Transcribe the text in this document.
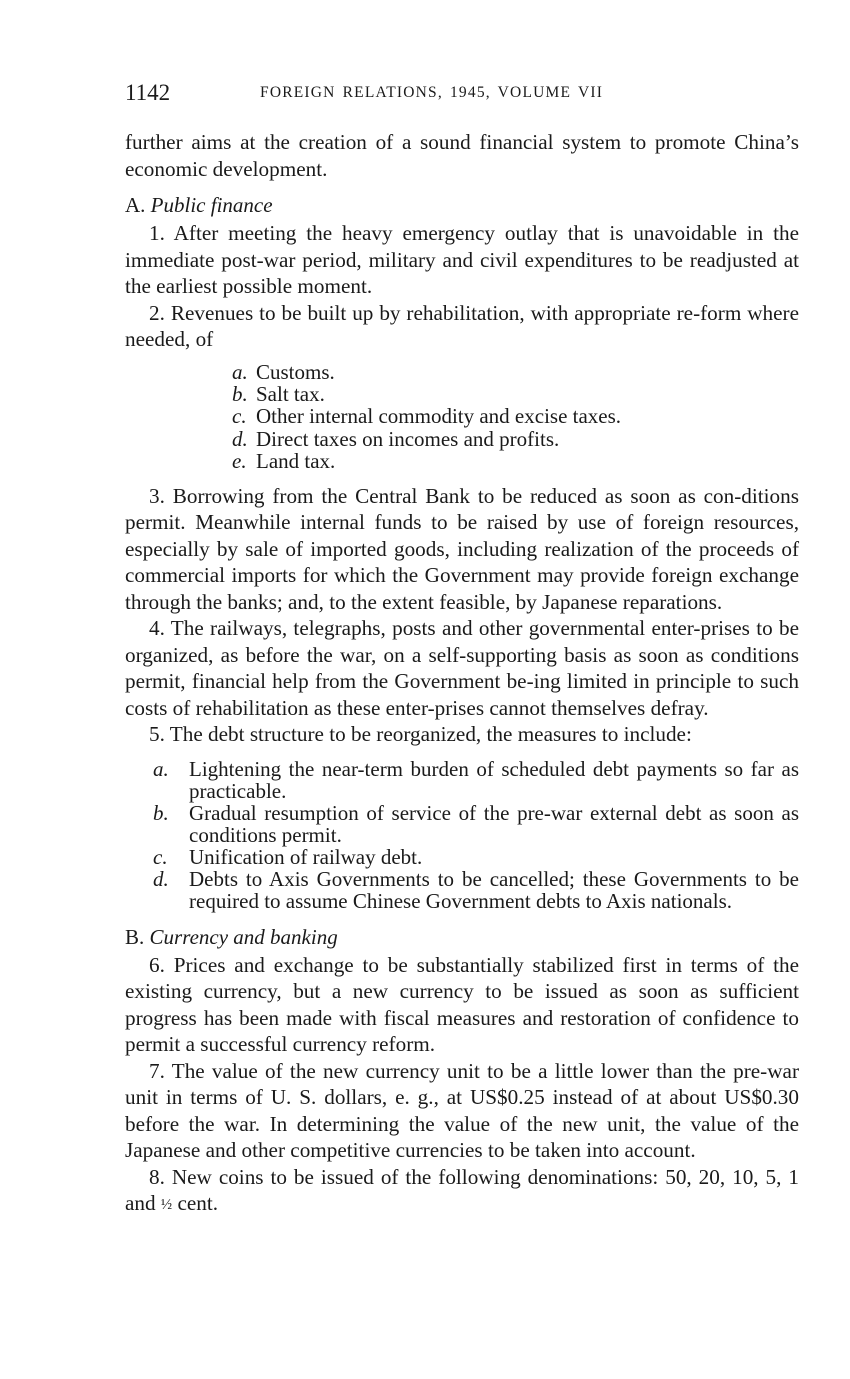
1142	FOREIGN RELATIONS, 1945, VOLUME VII

further aims at the creation of a sound financial system to promote China’s economic development.

A. Public finance

1. After meeting the heavy emergency outlay that is unavoidable in the immediate post-war period, military and civil expenditures to be readjusted at the earliest possible moment.

2. Revenues to be built up by rehabilitation, with appropriate re-form where needed, of

a. Customs.
b. Salt tax.
c. Other internal commodity and excise taxes.
d. Direct taxes on incomes and profits.
e. Land tax.

3. Borrowing from the Central Bank to be reduced as soon as con-ditions permit. Meanwhile internal funds to be raised by use of foreign resources, especially by sale of imported goods, including realization of the proceeds of commercial imports for which the Government may provide foreign exchange through the banks; and, to the extent feasible, by Japanese reparations.

4. The railways, telegraphs, posts and other governmental enter-prises to be organized, as before the war, on a self-supporting basis as soon as conditions permit, financial help from the Government be-ing limited in principle to such costs of rehabilitation as these enter-prises cannot themselves defray.

5. The debt structure to be reorganized, the measures to include:

a. Lightening the near-term burden of scheduled debt payments so far as practicable.
b. Gradual resumption of service of the pre-war external debt as soon as conditions permit.
c. Unification of railway debt.
d. Debts to Axis Governments to be cancelled; these Governments to be required to assume Chinese Government debts to Axis nationals.
B. Currency and banking

6. Prices and exchange to be substantially stabilized first in terms of the existing currency, but a new currency to be issued as soon as sufficient progress has been made with fiscal measures and restoration of confidence to permit a successful currency reform.

7. The value of the new currency unit to be a little lower than the pre-war unit in terms of U. S. dollars, e. g., at US$0.25 instead of at about US$0.30 before the war. In determining the value of the new unit, the value of the Japanese and other competitive currencies to be taken into account.

8. New coins to be issued of the following denominations: 50, 20, 10, 5, 1 and ½ cent.
